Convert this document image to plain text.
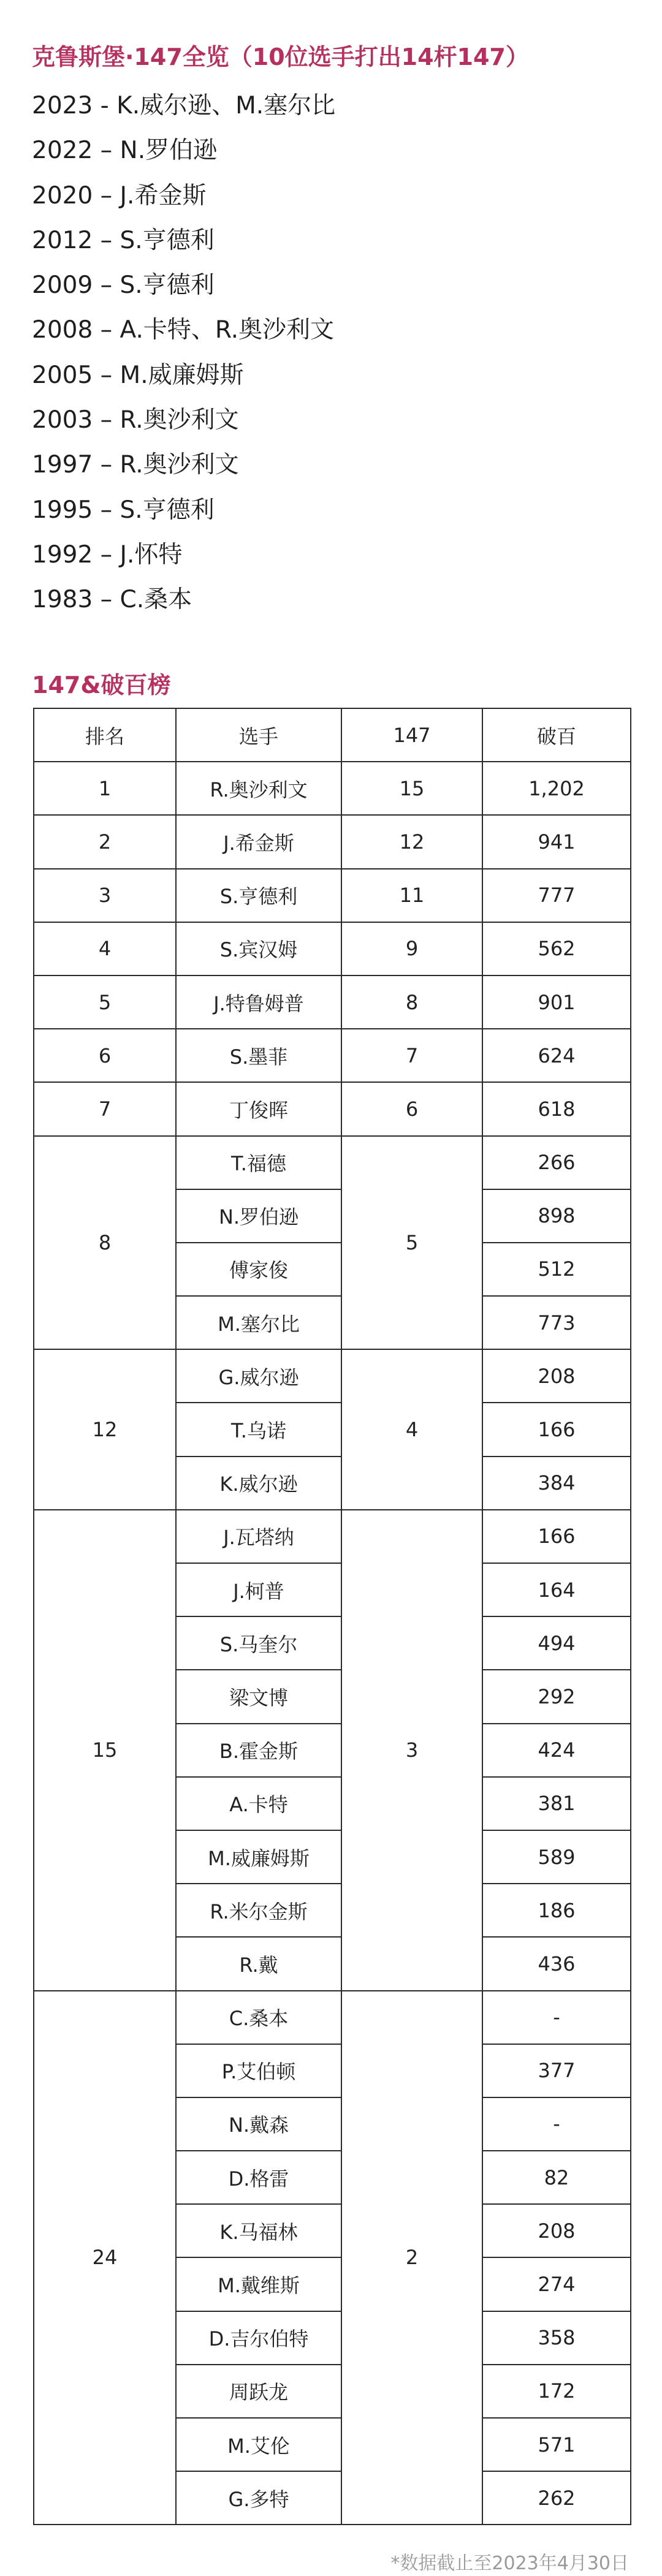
克鲁斯堡·147全览（10位选手打出14杆147）
2023 - K.威尔逊、M.塞尔比
2022 – N.罗伯逊
2020 – J.希金斯
2012 – S.亨德利
2009 – S.亨德利
2008 – A.卡特、R.奥沙利文
2005 – M.威廉姆斯
2003 – R.奥沙利文
1997 – R.奥沙利文
1995 – S.亨德利
1992 – J.怀特
1983 – C.桑本
147&破百榜
排名	选手	147	破百
1	R.奥沙利文	15	1,202
2	J.希金斯	12	941
3	S.亨德利	11	777
4	S.宾汉姆	9	562
5	J.特鲁姆普	8	901
6	S.墨菲	7	624
7	丁俊晖	6	618
8	T.福德	5	266
	N.罗伯逊		898
	傅家俊		512
	M.塞尔比		773
12	G.威尔逊	4	208
	T.乌诺		166
	K.威尔逊		384
15	J.瓦塔纳	3	166
	J.柯普		164
	S.马奎尔		494
	梁文博		292
	B.霍金斯		424
	A.卡特		381
	M.威廉姆斯		589
	R.米尔金斯		186
	R.戴		436
24	C.桑本	2	-
	P.艾伯顿		377
	N.戴森		-
	D.格雷		82
	K.马福林		208
	M.戴维斯		274
	D.吉尔伯特		358
	周跃龙		172
	M.艾伦		571
	G.多特		262
*数据截止至2023年4月30日
